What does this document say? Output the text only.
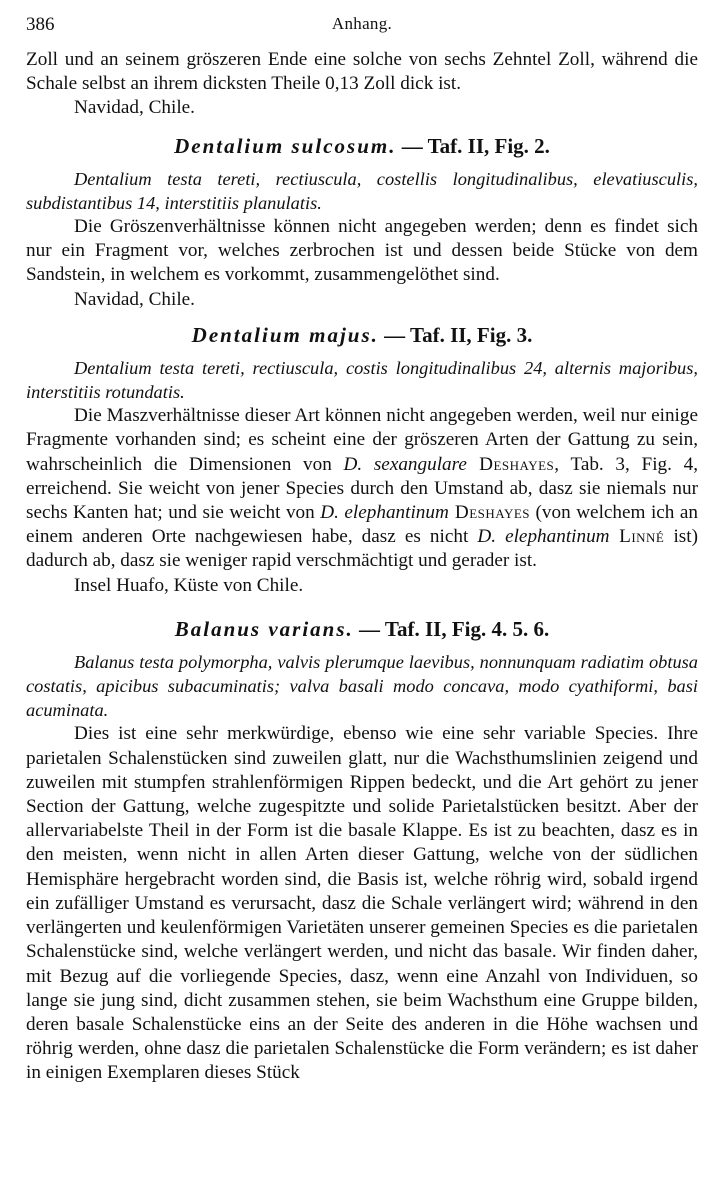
386	Anhang.

Zoll und an seinem gröszeren Ende eine solche von sechs Zehntel Zoll, während die Schale selbst an ihrem dicksten Theile 0,13 Zoll dick ist.

Navidad, Chile.

Dentalium sulcosum. — Taf. II, Fig. 2.

Dentalium testa tereti, rectiuscula, costellis longitudinalibus, elevatiusculis, subdistantibus 14, interstitiis planulatis.

Die Gröszenverhältnisse können nicht angegeben werden; denn es findet sich nur ein Fragment vor, welches zerbrochen ist und dessen beide Stücke von dem Sandstein, in welchem es vorkommt, zusammengelöthet sind.

Navidad, Chile.

Dentalium majus. — Taf. II, Fig. 3.

Dentalium testa tereti, rectiuscula, costis longitudinalibus 24, alternis majoribus, interstitiis rotundatis.

Die Maszverhältnisse dieser Art können nicht angegeben werden, weil nur einige Fragmente vorhanden sind; es scheint eine der gröszeren Arten der Gattung zu sein, wahrscheinlich die Dimensionen von D. sexangulare Deshayes, Tab. 3, Fig. 4, erreichend. Sie weicht von jener Species durch den Umstand ab, dasz sie niemals nur sechs Kanten hat; und sie weicht von D. elephantinum Deshayes (von welchem ich an einem anderen Orte nachgewiesen habe, dasz es nicht D. elephantinum Linné ist) dadurch ab, dasz sie weniger rapid verschmächtigt und gerader ist.

Insel Huafo, Küste von Chile.

Balanus varians. — Taf. II, Fig. 4. 5. 6.

Balanus testa polymorpha, valvis plerumque laevibus, nonnunquam radiatim obtusa costatis, apicibus subacuminatis; valva basali modo concava, modo cyathiformi, basi acuminata.

Dies ist eine sehr merkwürdige, ebenso wie eine sehr variable Species. Ihre parietalen Schalenstücken sind zuweilen glatt, nur die Wachsthumslinien zeigend und zuweilen mit stumpfen strahlenförmigen Rippen bedeckt, und die Art gehört zu jener Section der Gattung, welche zugespitzte und solide Parietalstücken besitzt. Aber der allervariabelste Theil in der Form ist die basale Klappe. Es ist zu beachten, dasz es in den meisten, wenn nicht in allen Arten dieser Gattung, welche von der südlichen Hemisphäre hergebracht worden sind, die Basis ist, welche röhrig wird, sobald irgend ein zufälliger Umstand es verursacht, dasz die Schale verlängert wird; während in den verlängerten und keulenförmigen Varietäten unserer gemeinen Species es die parietalen Schalenstücke sind, welche verlängert werden, und nicht das basale. Wir finden daher, mit Bezug auf die vorliegende Species, dasz, wenn eine Anzahl von Individuen, so lange sie jung sind, dicht zusammen stehen, sie beim Wachsthum eine Gruppe bilden, deren basale Schalenstücke eins an der Seite des anderen in die Höhe wachsen und röhrig werden, ohne dasz die parietalen Schalenstücke die Form verändern; es ist daher in einigen Exemplaren dieses Stück
